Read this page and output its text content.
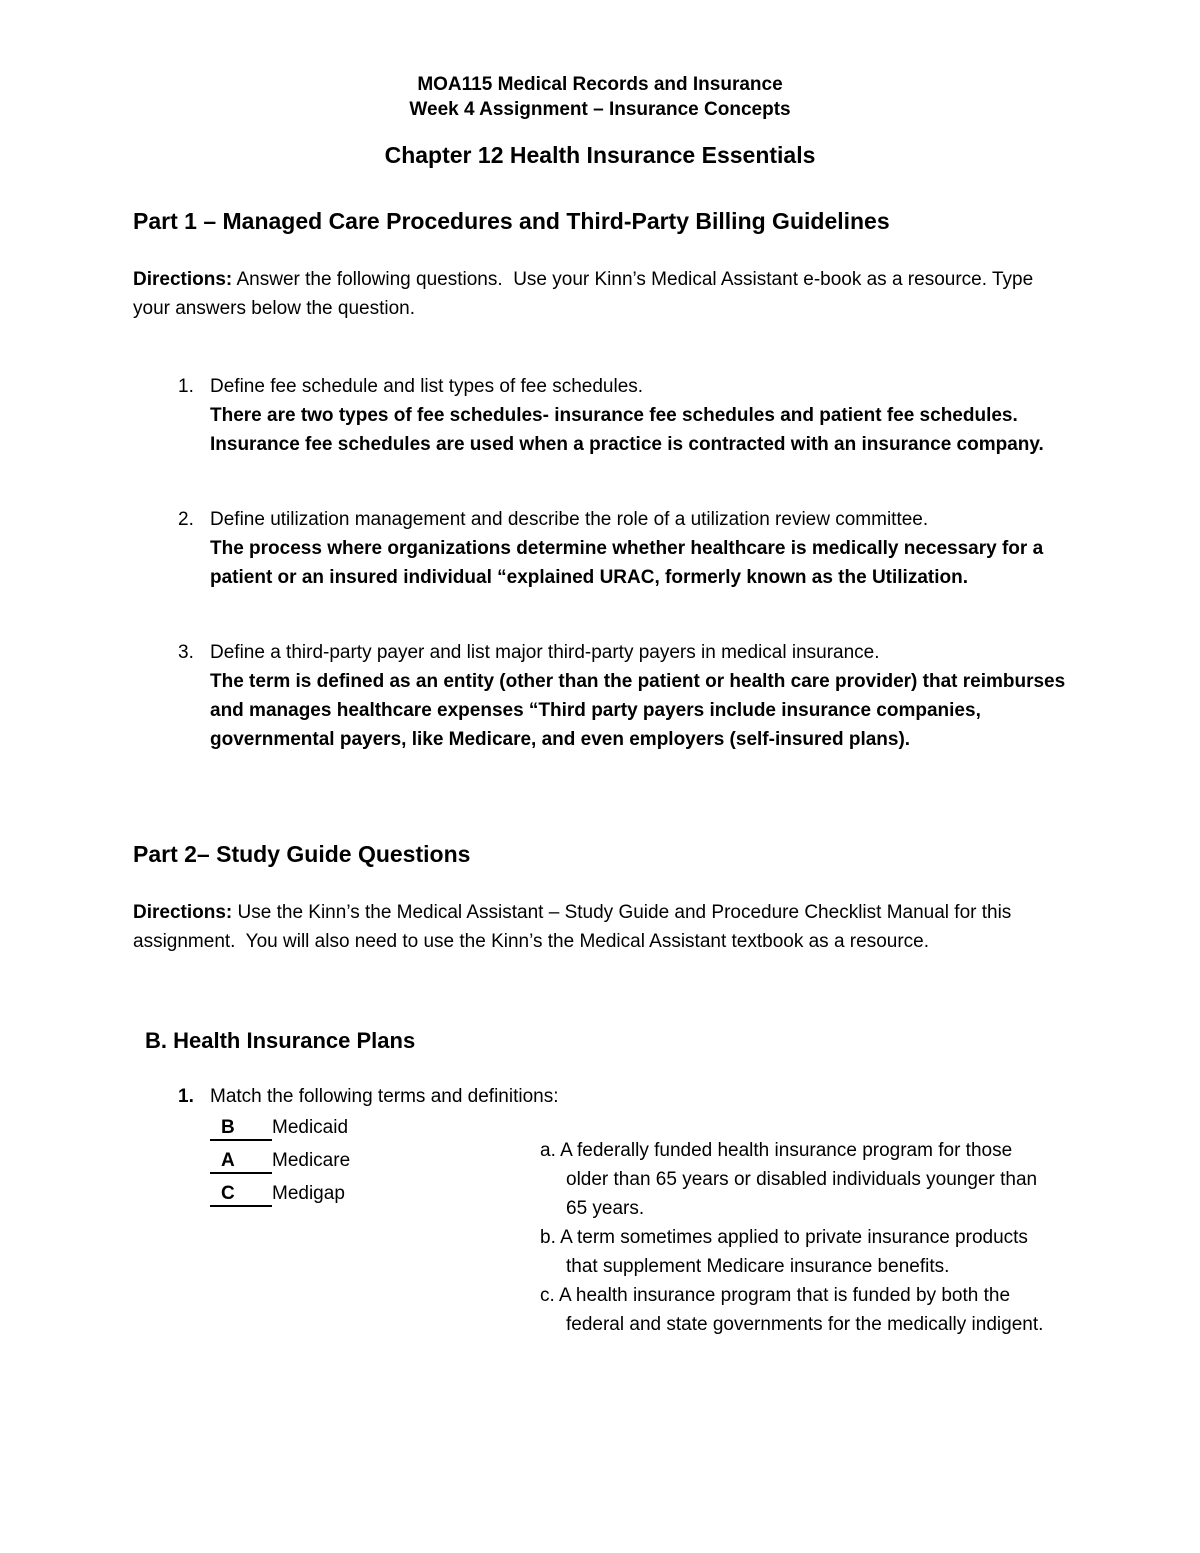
MOA115 Medical Records and Insurance
Week 4 Assignment – Insurance Concepts
Chapter 12 Health Insurance Essentials
Part 1 – Managed Care Procedures and Third-Party Billing Guidelines

Directions: Answer the following questions.  Use your Kinn’s Medical Assistant e-book as a resource. Type your answers below the question.

1. Define fee schedule and list types of fee schedules.
There are two types of fee schedules- insurance fee schedules and patient fee schedules. Insurance fee schedules are used when a practice is contracted with an insurance company.
2. Define utilization management and describe the role of a utilization review committee.
The process where organizations determine whether healthcare is medically necessary for a patient or an insured individual “explained URAC, formerly known as the Utilization.
3. Define a third-party payer and list major third-party payers in medical insurance.
The term is defined as an entity (other than the patient or health care provider) that reimburses and manages healthcare expenses “Third party payers include insurance companies, governmental payers, like Medicare, and even employers (self-insured plans).
Part 2– Study Guide Questions

Directions: Use the Kinn’s the Medical Assistant – Study Guide and Procedure Checklist Manual for this assignment.  You will also need to use the Kinn’s the Medical Assistant textbook as a resource.

B. Health Insurance Plans
1. Match the following terms and definitions:
B Medicaid
A Medicare
C Medigap
a. A federally funded health insurance program for those older than 65 years or disabled individuals younger than 65 years.
b. A term sometimes applied to private insurance products that supplement Medicare insurance benefits.
c. A health insurance program that is funded by both the federal and state governments for the medically indigent.
